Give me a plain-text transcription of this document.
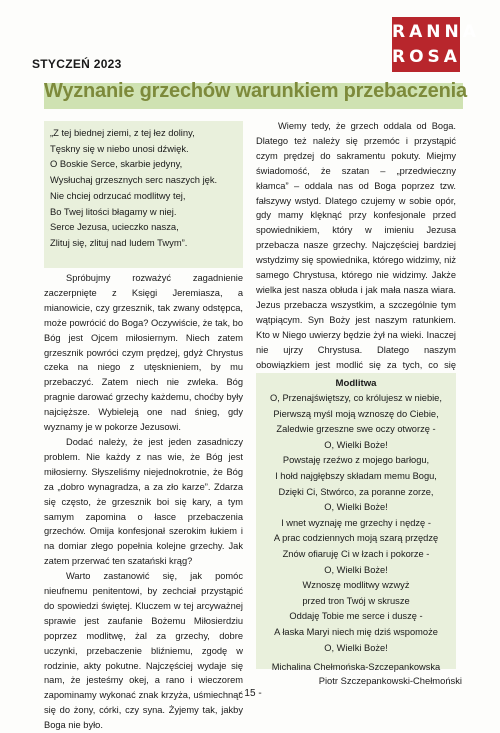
RANNA
ROSA
STYCZEŃ 2023
Wyznanie grzechów warunkiem przebaczenia
„Z tej biednej ziemi, z tej łez doliny,
Tęskny się w niebo unosi dźwięk.
O Boskie Serce, skarbie jedyny,
Wysłuchaj grzesznych serc naszych jęk.
Nie chciej odrzucać modlitwy tej,
Bo Twej litości błagamy w niej.
Serce Jezusa, ucieczko nasza,
Zlituj się, zlituj nad ludem Twym”.

Spróbujmy rozważyć zagadnienie zaczerpnięte z Księgi Jeremiasza, a mianowicie, czy grzesznik, tak zwany odstępca, może powrócić do Boga? Oczywiście, że tak, bo Bóg jest Ojcem miłosiernym. Niech zatem grzesznik powróci czym prędzej, gdyż Chrystus czeka na niego z utęsknieniem, by mu przebaczyć. Zatem niech nie zwleka. Bóg pragnie darować grzechy każdemu, choćby były najcięższe. Wybieleją one nad śnieg, gdy wyznamy je w pokorze Jezusowi.

Dodać należy, że jest jeden zasadniczy problem. Nie każdy z nas wie, że Bóg jest miłosierny. Słyszeliśmy niejednokrotnie, że Bóg za „dobro wynagradza, a za zło karze”. Zdarza się często, że grzesznik boi się kary, a tym samym zapomina o łasce przebaczenia grzechów. Omija konfesjonał szerokim łukiem i na domiar złego popełnia kolejne grzechy. Jak zatem przerwać ten szatański krąg?

Warto zastanowić się, jak pomóc nieufnemu penitentowi, by zechciał przystąpić do spowiedzi świętej. Kluczem w tej arcyważnej sprawie jest zaufanie Bożemu Miłosierdziu poprzez modlitwę, żal za grzechy, dobre uczynki, przebaczenie bliźniemu, zgodę w rodzinie, akty pokutne. Najczęściej wydaje się nam, że jesteśmy okej, a rano i wieczorem zapominamy wykonać znak krzyża, uśmiechnąć się do żony, córki, czy syna. Żyjemy tak, jakby Boga nie było.

Wiemy tedy, że grzech oddala od Boga. Dlatego też należy się przemóc i przystąpić czym prędzej do sakramentu pokuty. Miejmy świadomość, że szatan – „przedwieczny kłamca” – oddala nas od Boga poprzez tzw. fałszywy wstyd. Dlatego czujemy w sobie opór, gdy mamy klęknąć przy konfesjonale przed spowiednikiem, który w imieniu Jezusa przebacza nasze grzechy. Najczęściej bardziej wstydzimy się spowiednika, którego widzimy, niż samego Chrystusa, którego nie widzimy. Jakże wielka jest nasza obłuda i jak mała nasza wiara. Jezus przebacza wszystkim, a szczególnie tym wątpiącym. Syn Boży jest naszym ratunkiem. Kto w Niego uwierzy będzie żył na wieki. Inaczej nie ujrzy Chrystusa. Dlatego naszym obowiązkiem jest modlić się za tych, co się

Modlitwa
O, Przenajświętszy, co królujesz w niebie,
Pierwszą myśl moją wznoszę do Ciebie,
Zaledwie grzeszne swe oczy otworzę -
O, Wielki Boże!
Powstaję rzeźwo z mojego barłogu,
I hołd najgłębszy składam memu Bogu,
Dzięki Ci, Stwórco, za poranne zorze,
O, Wielki Boże!
I wnet wyznaję me grzechy i nędzę -
A prac codziennych moją szarą przędzę
Znów ofiaruję Ci w łzach i pokorze -
O, Wielki Boże!
Wznoszę modlitwy wzwyż
przed tron Twój w skrusze
Oddaję Tobie me serce i duszę -
A łaska Maryi niech mię dziś wspomoże
O, Wielki Boże!
Michalina Chełmońska-Szczepankowska
Piotr Szczepankowski-Chełmoński
- 15 -
